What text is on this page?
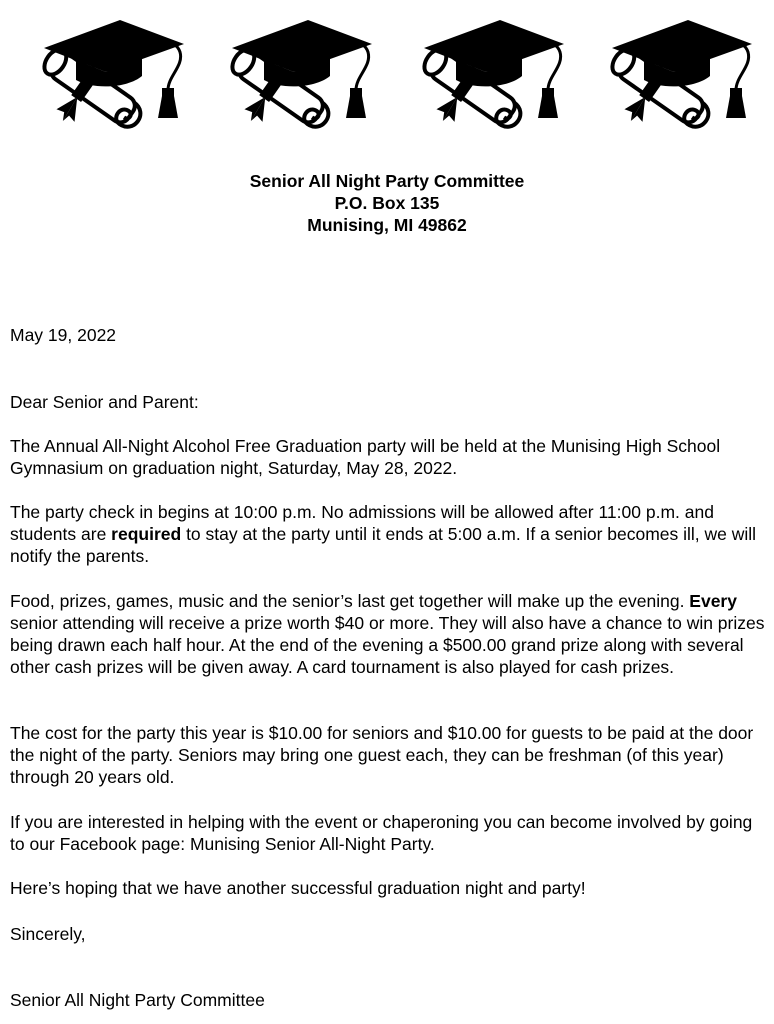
Senior All Night Party Committee
P.O. Box 135
Munising, MI 49862
May 19, 2022
Dear Senior and Parent:
The Annual All-Night Alcohol Free Graduation party will be held at the Munising High School Gymnasium on graduation night, Saturday, May 28, 2022.
The party check in begins at 10:00 p.m. No admissions will be allowed after 11:00 p.m. and students are required to stay at the party until it ends at 5:00 a.m. If a senior becomes ill, we will notify the parents.
Food, prizes, games, music and the senior’s last get together will make up the evening. Every senior attending will receive a prize worth $40 or more. They will also have a chance to win prizes being drawn each half hour. At the end of the evening a $500.00 grand prize along with several other cash prizes will be given away. A card tournament is also played for cash prizes.
The cost for the party this year is $10.00 for seniors and $10.00 for guests to be paid at the door the night of the party. Seniors may bring one guest each, they can be freshman (of this year) through 20 years old.
If you are interested in helping with the event or chaperoning you can become involved by going to our Facebook page: Munising Senior All-Night Party.
Here’s hoping that we have another successful graduation night and party!
Sincerely,
Senior All Night Party Committee
